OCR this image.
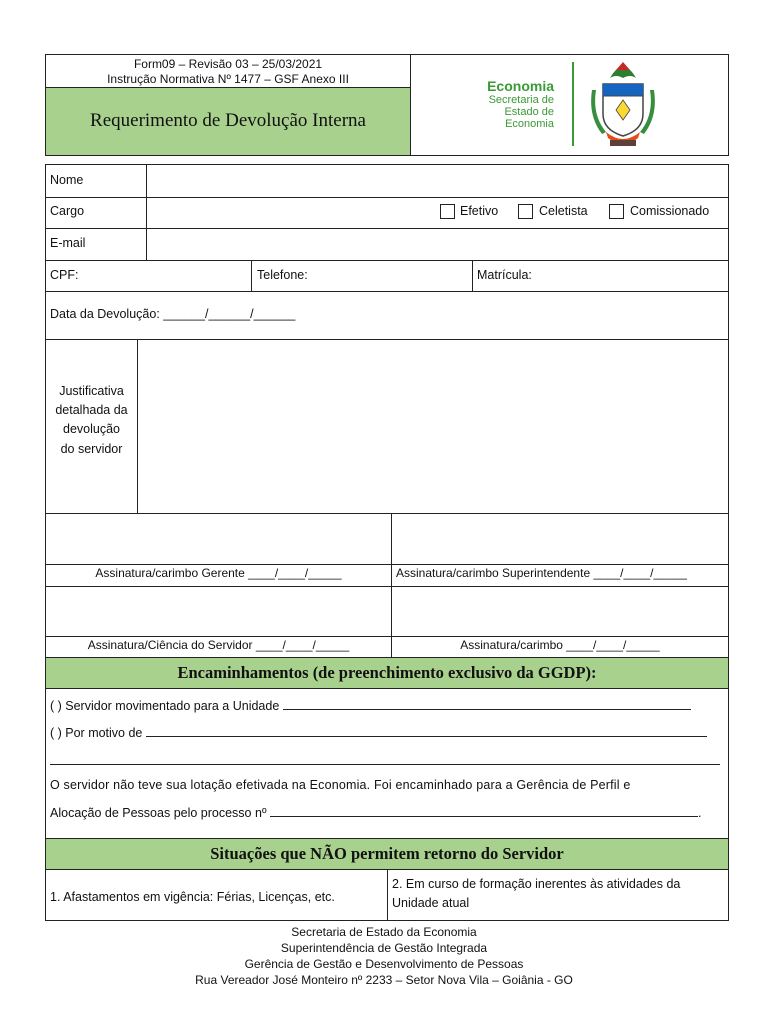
Form09 – Revisão 03 – 25/03/2021
Instrução Normativa Nº 1477 – GSF Anexo III
Requerimento de Devolução Interna
Economia
Secretaria de
Estado de
Economia
Nome
Cargo	Efetivo	Celetista	Comissionado
E-mail
CPF:	Telefone:	Matrícula:
Data da Devolução: ______/______/______
Justificativa
detalhada da
devolução
do servidor
Assinatura/carimbo Gerente ____/____/_____	Assinatura/carimbo Superintendente ____/____/_____
Assinatura/Ciência do Servidor ____/____/_____	Assinatura/carimbo ____/____/_____
Encaminhamentos (de preenchimento exclusivo da GGDP):
( ) Servidor movimentado para a Unidade
( ) Por motivo de
O servidor não teve sua lotação efetivada na Economia. Foi encaminhado para a Gerência de Perfil e
Alocação de Pessoas pelo processo nº	.
Situações que NÃO permitem retorno do Servidor
1. Afastamentos em vigência: Férias, Licenças, etc.
2. Em curso de formação inerentes às atividades da
Unidade atual
Secretaria de Estado da Economia
Superintendência de Gestão Integrada
Gerência de Gestão e Desenvolvimento de Pessoas
Rua Vereador José Monteiro nº 2233 – Setor Nova Vila – Goiânia - GO
